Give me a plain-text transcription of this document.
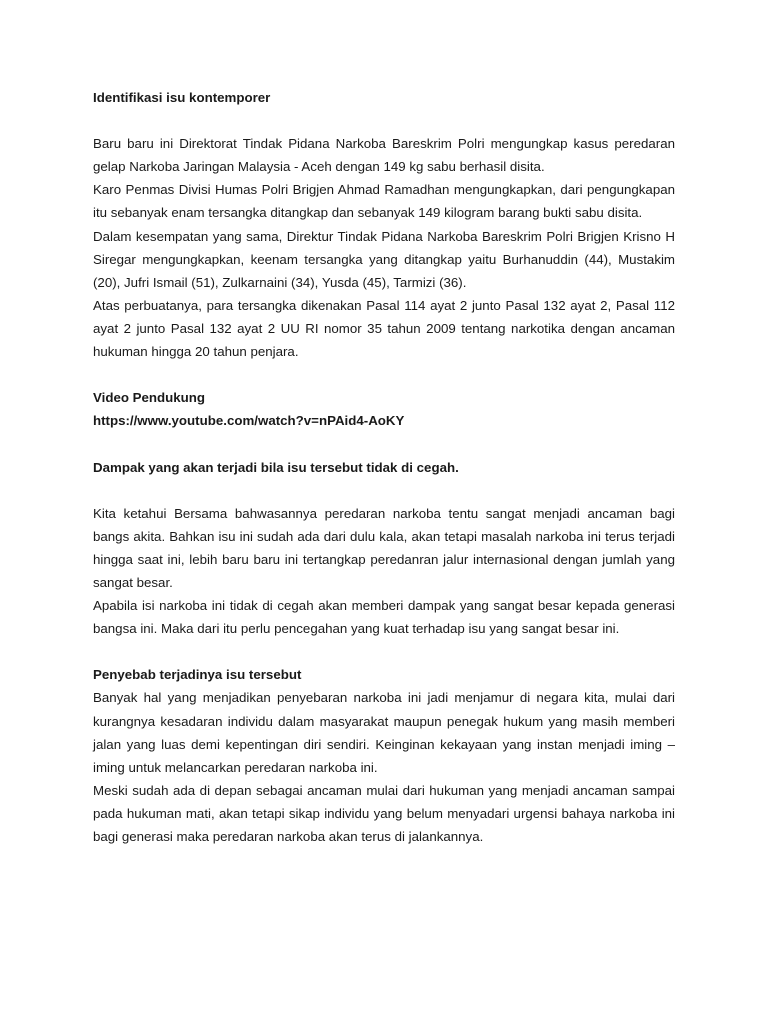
Identifikasi isu kontemporer

Baru baru ini Direktorat Tindak Pidana Narkoba Bareskrim Polri mengungkap kasus peredaran gelap Narkoba Jaringan Malaysia - Aceh dengan 149 kg sabu berhasil disita.

Karo Penmas Divisi Humas Polri Brigjen Ahmad Ramadhan mengungkapkan, dari pengungkapan itu sebanyak enam tersangka ditangkap dan sebanyak 149 kilogram barang bukti sabu disita.

Dalam kesempatan yang sama, Direktur Tindak Pidana Narkoba Bareskrim Polri Brigjen Krisno H Siregar mengungkapkan, keenam tersangka yang ditangkap yaitu Burhanuddin (44), Mustakim (20), Jufri Ismail (51), Zulkarnaini (34), Yusda (45), Tarmizi (36).

Atas perbuatanya, para tersangka dikenakan Pasal 114 ayat 2 junto Pasal 132 ayat 2, Pasal 112 ayat 2 junto Pasal 132 ayat 2 UU RI nomor 35 tahun 2009 tentang narkotika dengan ancaman hukuman hingga 20 tahun penjara.

Video Pendukung

https://www.youtube.com/watch?v=nPAid4-AoKY

Dampak yang akan terjadi bila isu tersebut tidak di cegah.

Kita ketahui Bersama bahwasannya peredaran narkoba tentu sangat menjadi ancaman bagi bangs akita. Bahkan isu ini sudah ada dari dulu kala, akan tetapi masalah narkoba ini terus terjadi hingga saat ini, lebih baru baru ini tertangkap peredanran jalur internasional dengan jumlah yang sangat besar.

Apabila isi narkoba ini tidak di cegah akan memberi dampak yang sangat besar kepada generasi bangsa ini. Maka dari itu perlu pencegahan yang kuat terhadap isu yang sangat besar ini.

Penyebab terjadinya isu tersebut

Banyak hal yang menjadikan penyebaran narkoba ini jadi menjamur di negara kita, mulai dari kurangnya kesadaran individu dalam masyarakat maupun penegak hukum yang masih memberi jalan yang luas demi kepentingan diri sendiri. Keinginan kekayaan yang instan menjadi iming – iming untuk melancarkan peredaran narkoba ini.

Meski sudah ada di depan sebagai ancaman mulai dari hukuman yang menjadi ancaman sampai pada hukuman mati, akan tetapi sikap individu yang belum menyadari urgensi bahaya narkoba ini bagi generasi maka peredaran narkoba akan terus di jalankannya.
